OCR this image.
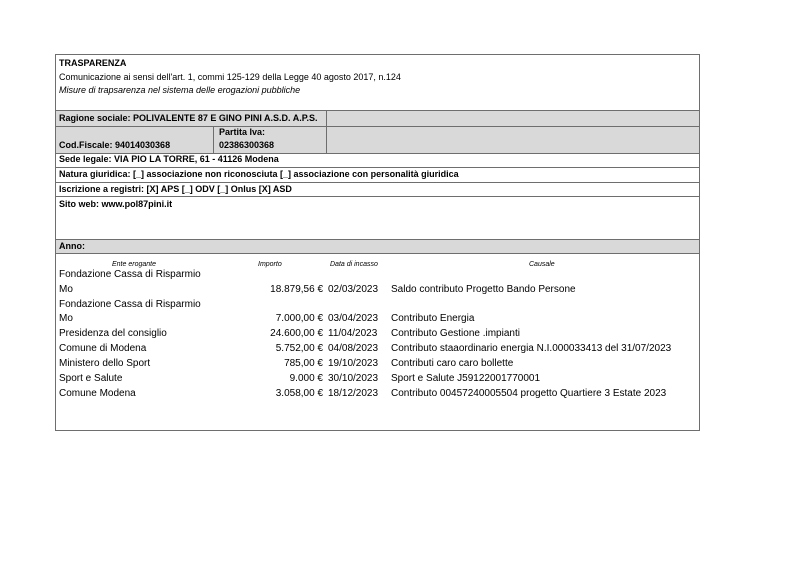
TRASPARENZA
Comunicazione ai sensi dell'art. 1, commi 125-129 della Legge 40 agosto 2017, n.124
Misure di trapsarenza nel sistema delle erogazioni pubbliche
Ragione sociale: POLIVALENTE 87 E GINO PINI A.S.D. A.P.S.
Cod.Fiscale: 94014030368
Partita Iva:
02386300368
Sede legale: VIA PIO LA TORRE, 61 - 41126 Modena
Natura giuridica: [_] associazione non riconosciuta [_] associazione con personalità giuridica
Iscrizione a registri: [X] APS [_] ODV [_] Onlus [X] ASD
Sito web: www.pol87pini.it
Anno:
Ente erogante	Importo	Data di incasso	Causale
Fondazione Cassa di Risparmio
Mo	18.879,56 € 02/03/2023 Saldo contributo Progetto Bando Persone
Fondazione Cassa di Risparmio
Mo	7.000,00 € 03/04/2023 Contributo Energia
Presidenza del consiglio	24.600,00 € 11/04/2023 Contributo Gestione .impianti
Comune di Modena	5.752,00 € 04/08/2023 Contributo staaordinario energia N.I.000033413 del 31/07/2023
Ministero dello Sport	785,00 € 19/10/2023 Contributi caro caro bollette
Sport e Salute	9.000 € 30/10/2023 Sport e Salute J59122001770001
Comune Modena	3.058,00 € 18/12/2023 Contributo 00457240005504 progetto Quartiere 3 Estate 2023
